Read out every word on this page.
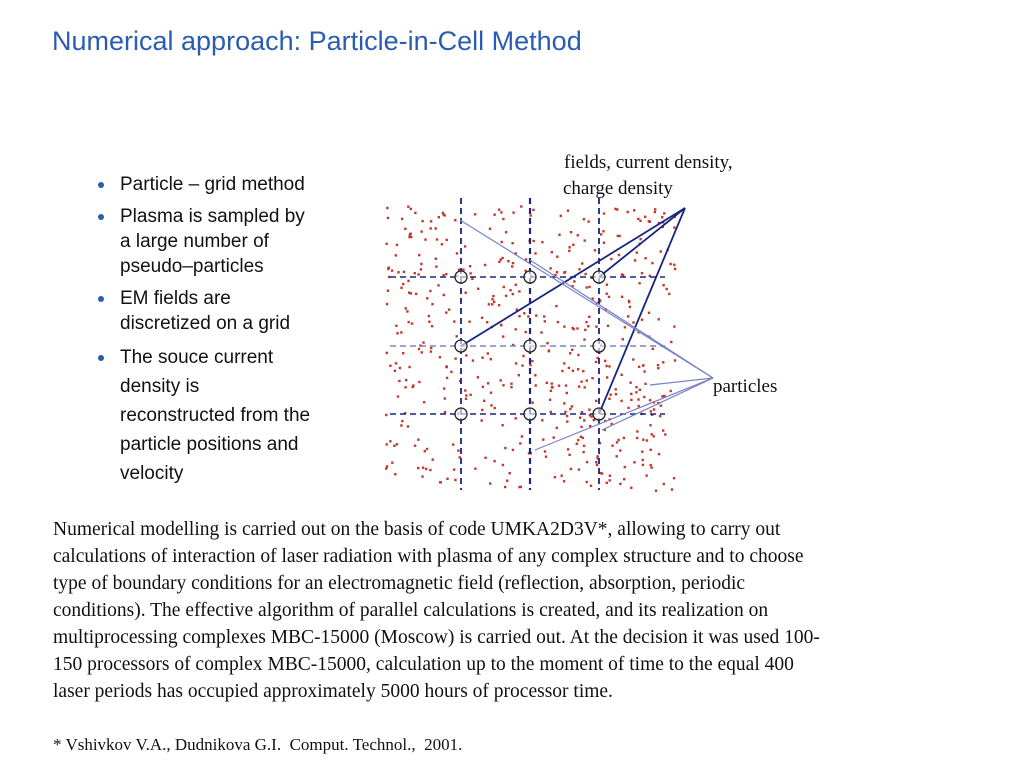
Numerical approach: Particle-in-Cell Method
Particle – grid method
Plasma is sampled by
a large number of
pseudo–particles
EM fields are
discretized on a grid
The souce current
density is
reconstructed from the
particle positions and
velocity
fields, current density,
charge density
particles

Numerical modelling is carried out on the basis of code UMKA2D3V*, allowing to carry out
calculations of interaction of laser radiation with plasma of any complex structure and to choose
type of boundary conditions for an electromagnetic field (reflection, absorption, periodic
conditions). The effective algorithm of parallel calculations is created, and its realization on
multiprocessing complexes MBC-15000 (Moscow) is carried out. At the decision it was used 100-
150 processors of complex MBC-15000, calculation up to the moment of time to the equal 400
laser periods has occupied approximately 5000 hours of processor time.

* Vshivkov V.A., Dudnikova G.I.  Comput. Technol.,  2001.
